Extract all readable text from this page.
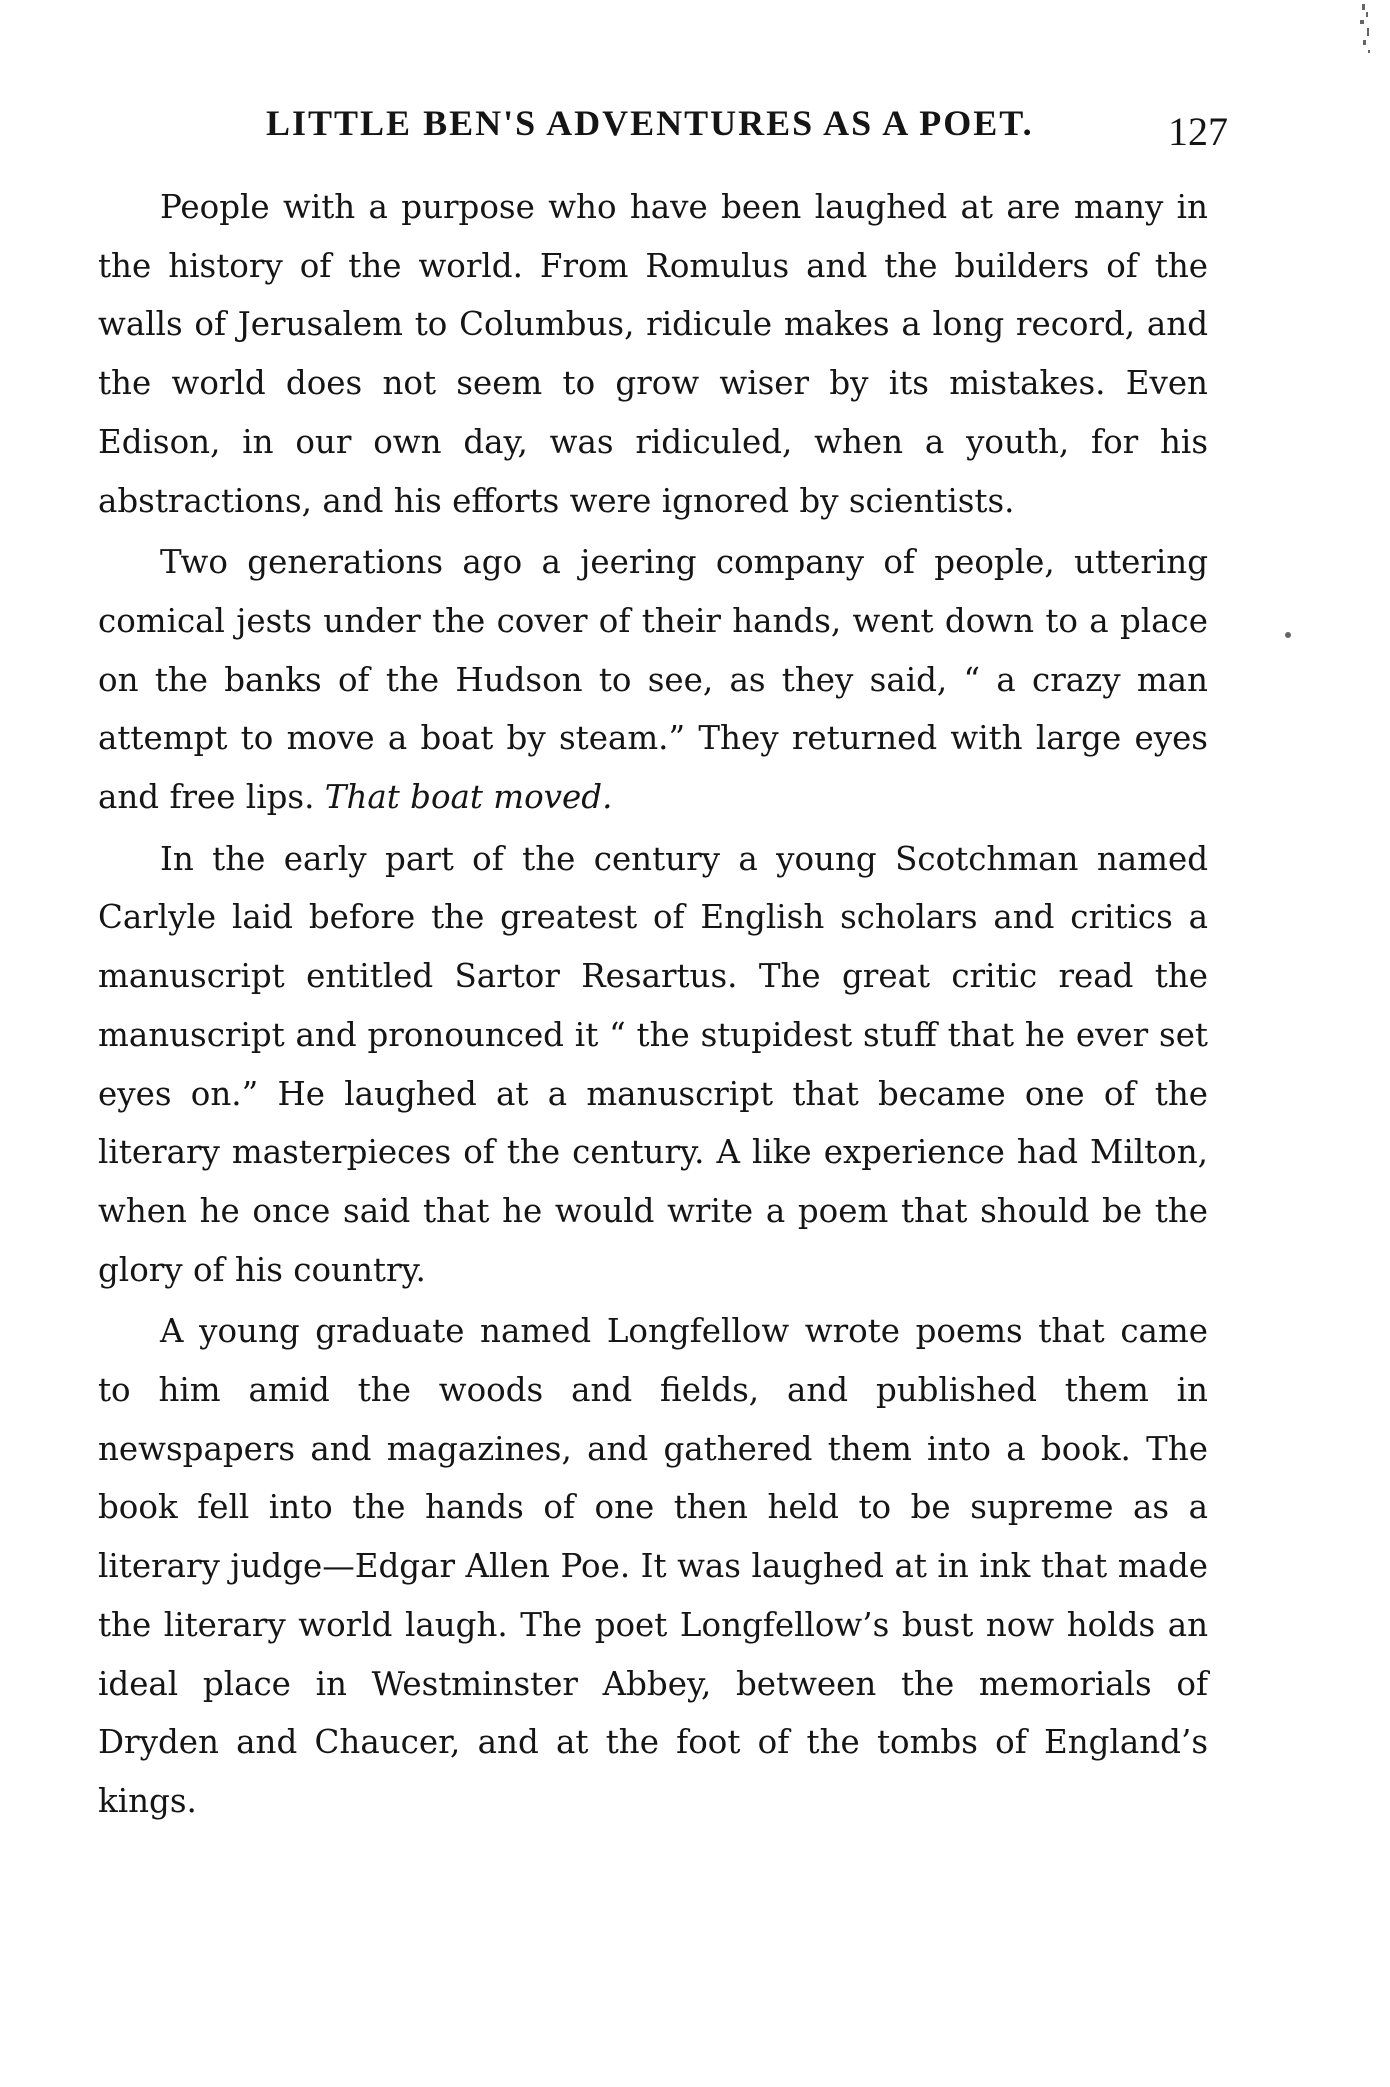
LITTLE BEN'S ADVENTURES AS A POET.	127

People with a purpose who have been laughed at are many in the history of the world. From Romulus and the builders of the walls of Jerusalem to Columbus, ridicule makes a long record, and the world does not seem to grow wiser by its mistakes. Even Edison, in our own day, was ridiculed, when a youth, for his abstractions, and his efforts were ignored by scientists.

Two generations ago a jeering company of people, uttering comical jests under the cover of their hands, went down to a place on the banks of the Hudson to see, as they said, “ a crazy man attempt to move a boat by steam.” They returned with large eyes and free lips. That boat moved.

In the early part of the century a young Scotchman named Carlyle laid before the greatest of English scholars and critics a manuscript entitled Sartor Resartus. The great critic read the manuscript and pronounced it “ the stupidest stuff that he ever set eyes on.” He laughed at a manuscript that became one of the literary masterpieces of the century. A like experience had Milton, when he once said that he would write a poem that should be the glory of his country.

A young graduate named Longfellow wrote poems that came to him amid the woods and fields, and published them in newspapers and magazines, and gathered them into a book. The book fell into the hands of one then held to be supreme as a literary judge—Edgar Allen Poe. It was laughed at in ink that made the literary world laugh. The poet Longfellow’s bust now holds an ideal place in Westminster Abbey, between the memorials of Dryden and Chaucer, and at the foot of the tombs of England’s kings.
